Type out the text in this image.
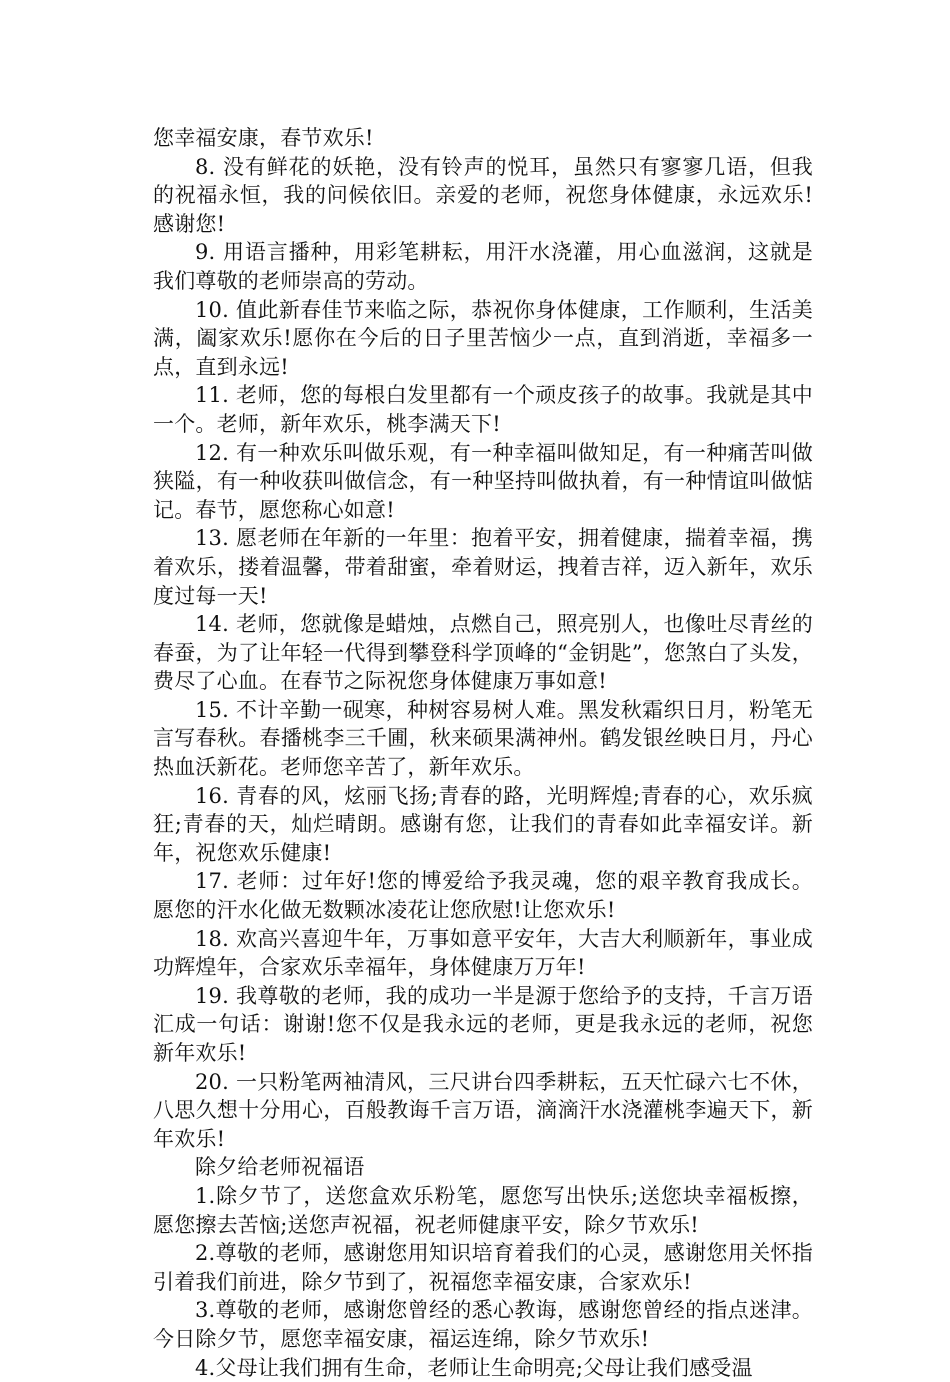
您幸福安康，春节欢乐!

8. 没有鲜花的妖艳，没有铃声的悦耳，虽然只有寥寥几语，但我的祝福永恒，我的问候依旧。亲爱的老师，祝您身体健康，永远欢乐!感谢您!

9. 用语言播种，用彩笔耕耘，用汗水浇灌，用心血滋润，这就是我们尊敬的老师崇高的劳动。

10. 值此新春佳节来临之际，恭祝你身体健康，工作顺利，生活美满，阖家欢乐!愿你在今后的日子里苦恼少一点，直到消逝，幸福多一点，直到永远!

11. 老师，您的每根白发里都有一个顽皮孩子的故事。我就是其中一个。老师，新年欢乐，桃李满天下!

12. 有一种欢乐叫做乐观，有一种幸福叫做知足，有一种痛苦叫做狭隘，有一种收获叫做信念，有一种坚持叫做执着，有一种情谊叫做惦记。春节，愿您称心如意!

13. 愿老师在年新的一年里：抱着平安，拥着健康，揣着幸福，携着欢乐，搂着温馨，带着甜蜜，牵着财运，拽着吉祥，迈入新年，欢乐度过每一天!

14. 老师，您就像是蜡烛，点燃自己，照亮别人，也像吐尽青丝的春蚕，为了让年轻一代得到攀登科学顶峰的“金钥匙”，您煞白了头发，费尽了心血。在春节之际祝您身体健康万事如意!

15. 不计辛勤一砚寒，种树容易树人难。黑发秋霜织日月，粉笔无言写春秋。春播桃李三千圃，秋来硕果满神州。鹤发银丝映日月，丹心热血沃新花。老师您辛苦了，新年欢乐。

16. 青春的风，炫丽飞扬;青春的路，光明辉煌;青春的心，欢乐疯狂;青春的天，灿烂晴朗。感谢有您，让我们的青春如此幸福安详。新年，祝您欢乐健康!

17. 老师：过年好!您的博爱给予我灵魂，您的艰辛教育我成长。愿您的汗水化做无数颗冰凌花让您欣慰!让您欢乐!

18. 欢高兴喜迎牛年，万事如意平安年，大吉大利顺新年，事业成功辉煌年，合家欢乐幸福年，身体健康万万年!

19. 我尊敬的老师，我的成功一半是源于您给予的支持，千言万语汇成一句话：谢谢!您不仅是我永远的老师，更是我永远的老师，祝您新年欢乐!

20. 一只粉笔两袖清风，三尺讲台四季耕耘，五天忙碌六七不休，八思久想十分用心，百般教诲千言万语，滴滴汗水浇灌桃李遍天下，新年欢乐!

除夕给老师祝福语

1.除夕节了，送您盒欢乐粉笔，愿您写出快乐;送您块幸福板擦，愿您擦去苦恼;送您声祝福，祝老师健康平安，除夕节欢乐!

2.尊敬的老师，感谢您用知识培育着我们的心灵，感谢您用关怀指引着我们前进，除夕节到了，祝福您幸福安康，合家欢乐!

3.尊敬的老师，感谢您曾经的悉心教诲，感谢您曾经的指点迷津。今日除夕节，愿您幸福安康，福运连绵，除夕节欢乐!

4.父母让我们拥有生命，老师让生命明亮;父母让我们感受温
